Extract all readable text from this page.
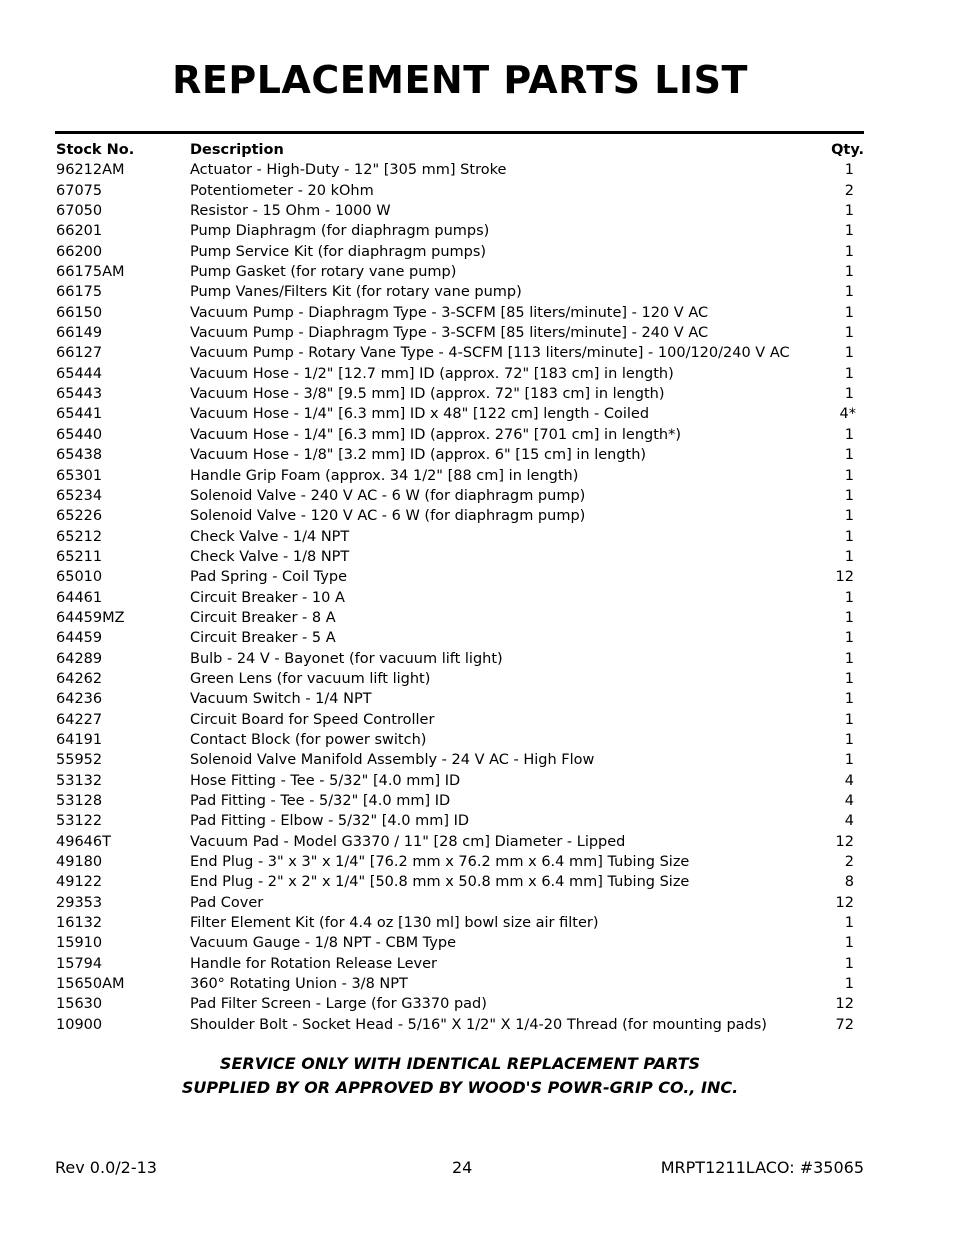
REPLACEMENT PARTS LIST
Stock No.	Description	Qty.
96212AM	Actuator - High-Duty - 12" [305 mm] Stroke	1
67075	Potentiometer - 20 kOhm	2
67050	Resistor - 15 Ohm - 1000 W	1
66201	Pump Diaphragm (for diaphragm pumps)	1
66200	Pump Service Kit (for diaphragm pumps)	1
66175AM	Pump Gasket (for rotary vane pump)	1
66175	Pump Vanes/Filters Kit (for rotary vane pump)	1
66150	Vacuum Pump - Diaphragm Type - 3-SCFM [85 liters/minute] - 120 V AC	1
66149	Vacuum Pump - Diaphragm Type - 3-SCFM [85 liters/minute] - 240 V AC	1
66127	Vacuum Pump - Rotary Vane Type - 4-SCFM [113 liters/minute] - 100/120/240 V AC	1
65444	Vacuum Hose - 1/2" [12.7 mm] ID (approx. 72" [183 cm] in length)	1
65443	Vacuum Hose - 3/8" [9.5 mm] ID (approx. 72" [183 cm] in length)	1
65441	Vacuum Hose - 1/4" [6.3 mm] ID x 48" [122 cm] length - Coiled	4*
65440	Vacuum Hose - 1/4" [6.3 mm] ID (approx. 276" [701 cm] in length*)	1
65438	Vacuum Hose - 1/8" [3.2 mm] ID (approx. 6" [15 cm] in length)	1
65301	Handle Grip Foam (approx. 34 1/2" [88 cm] in length)	1
65234	Solenoid Valve - 240 V AC - 6 W (for diaphragm pump)	1
65226	Solenoid Valve - 120 V AC - 6 W (for diaphragm pump)	1
65212	Check Valve - 1/4 NPT	1
65211	Check Valve - 1/8 NPT	1
65010	Pad Spring - Coil Type	12
64461	Circuit Breaker - 10 A	1
64459MZ	Circuit Breaker - 8 A	1
64459	Circuit Breaker - 5 A	1
64289	Bulb - 24 V - Bayonet (for vacuum lift light)	1
64262	Green Lens (for vacuum lift light)	1
64236	Vacuum Switch - 1/4 NPT	1
64227	Circuit Board for Speed Controller	1
64191	Contact Block (for power switch)	1
55952	Solenoid Valve Manifold Assembly - 24 V AC - High Flow	1
53132	Hose Fitting - Tee - 5/32" [4.0 mm] ID	4
53128	Pad Fitting - Tee - 5/32" [4.0 mm] ID	4
53122	Pad Fitting - Elbow - 5/32" [4.0 mm] ID	4
49646T	Vacuum Pad - Model G3370 / 11" [28 cm] Diameter - Lipped	12
49180	End Plug - 3" x 3" x 1/4" [76.2 mm x 76.2 mm x 6.4 mm] Tubing Size	2
49122	End Plug - 2" x 2" x 1/4" [50.8 mm x 50.8 mm x 6.4 mm] Tubing Size	8
29353	Pad Cover	12
16132	Filter Element Kit (for 4.4 oz [130 ml] bowl size air filter)	1
15910	Vacuum Gauge - 1/8 NPT - CBM Type	1
15794	Handle for Rotation Release Lever	1
15650AM	360° Rotating Union - 3/8 NPT	1
15630	Pad Filter Screen - Large (for G3370 pad)	12
10900	Shoulder Bolt - Socket Head - 5/16" X 1/2" X 1/4-20 Thread (for mounting pads)	72
SERVICE ONLY WITH IDENTICAL REPLACEMENT PARTS
SUPPLIED BY OR APPROVED BY WOOD'S POWR-GRIP CO., INC.
Rev 0.0/2-13	24	MRPT1211LACO: #35065
